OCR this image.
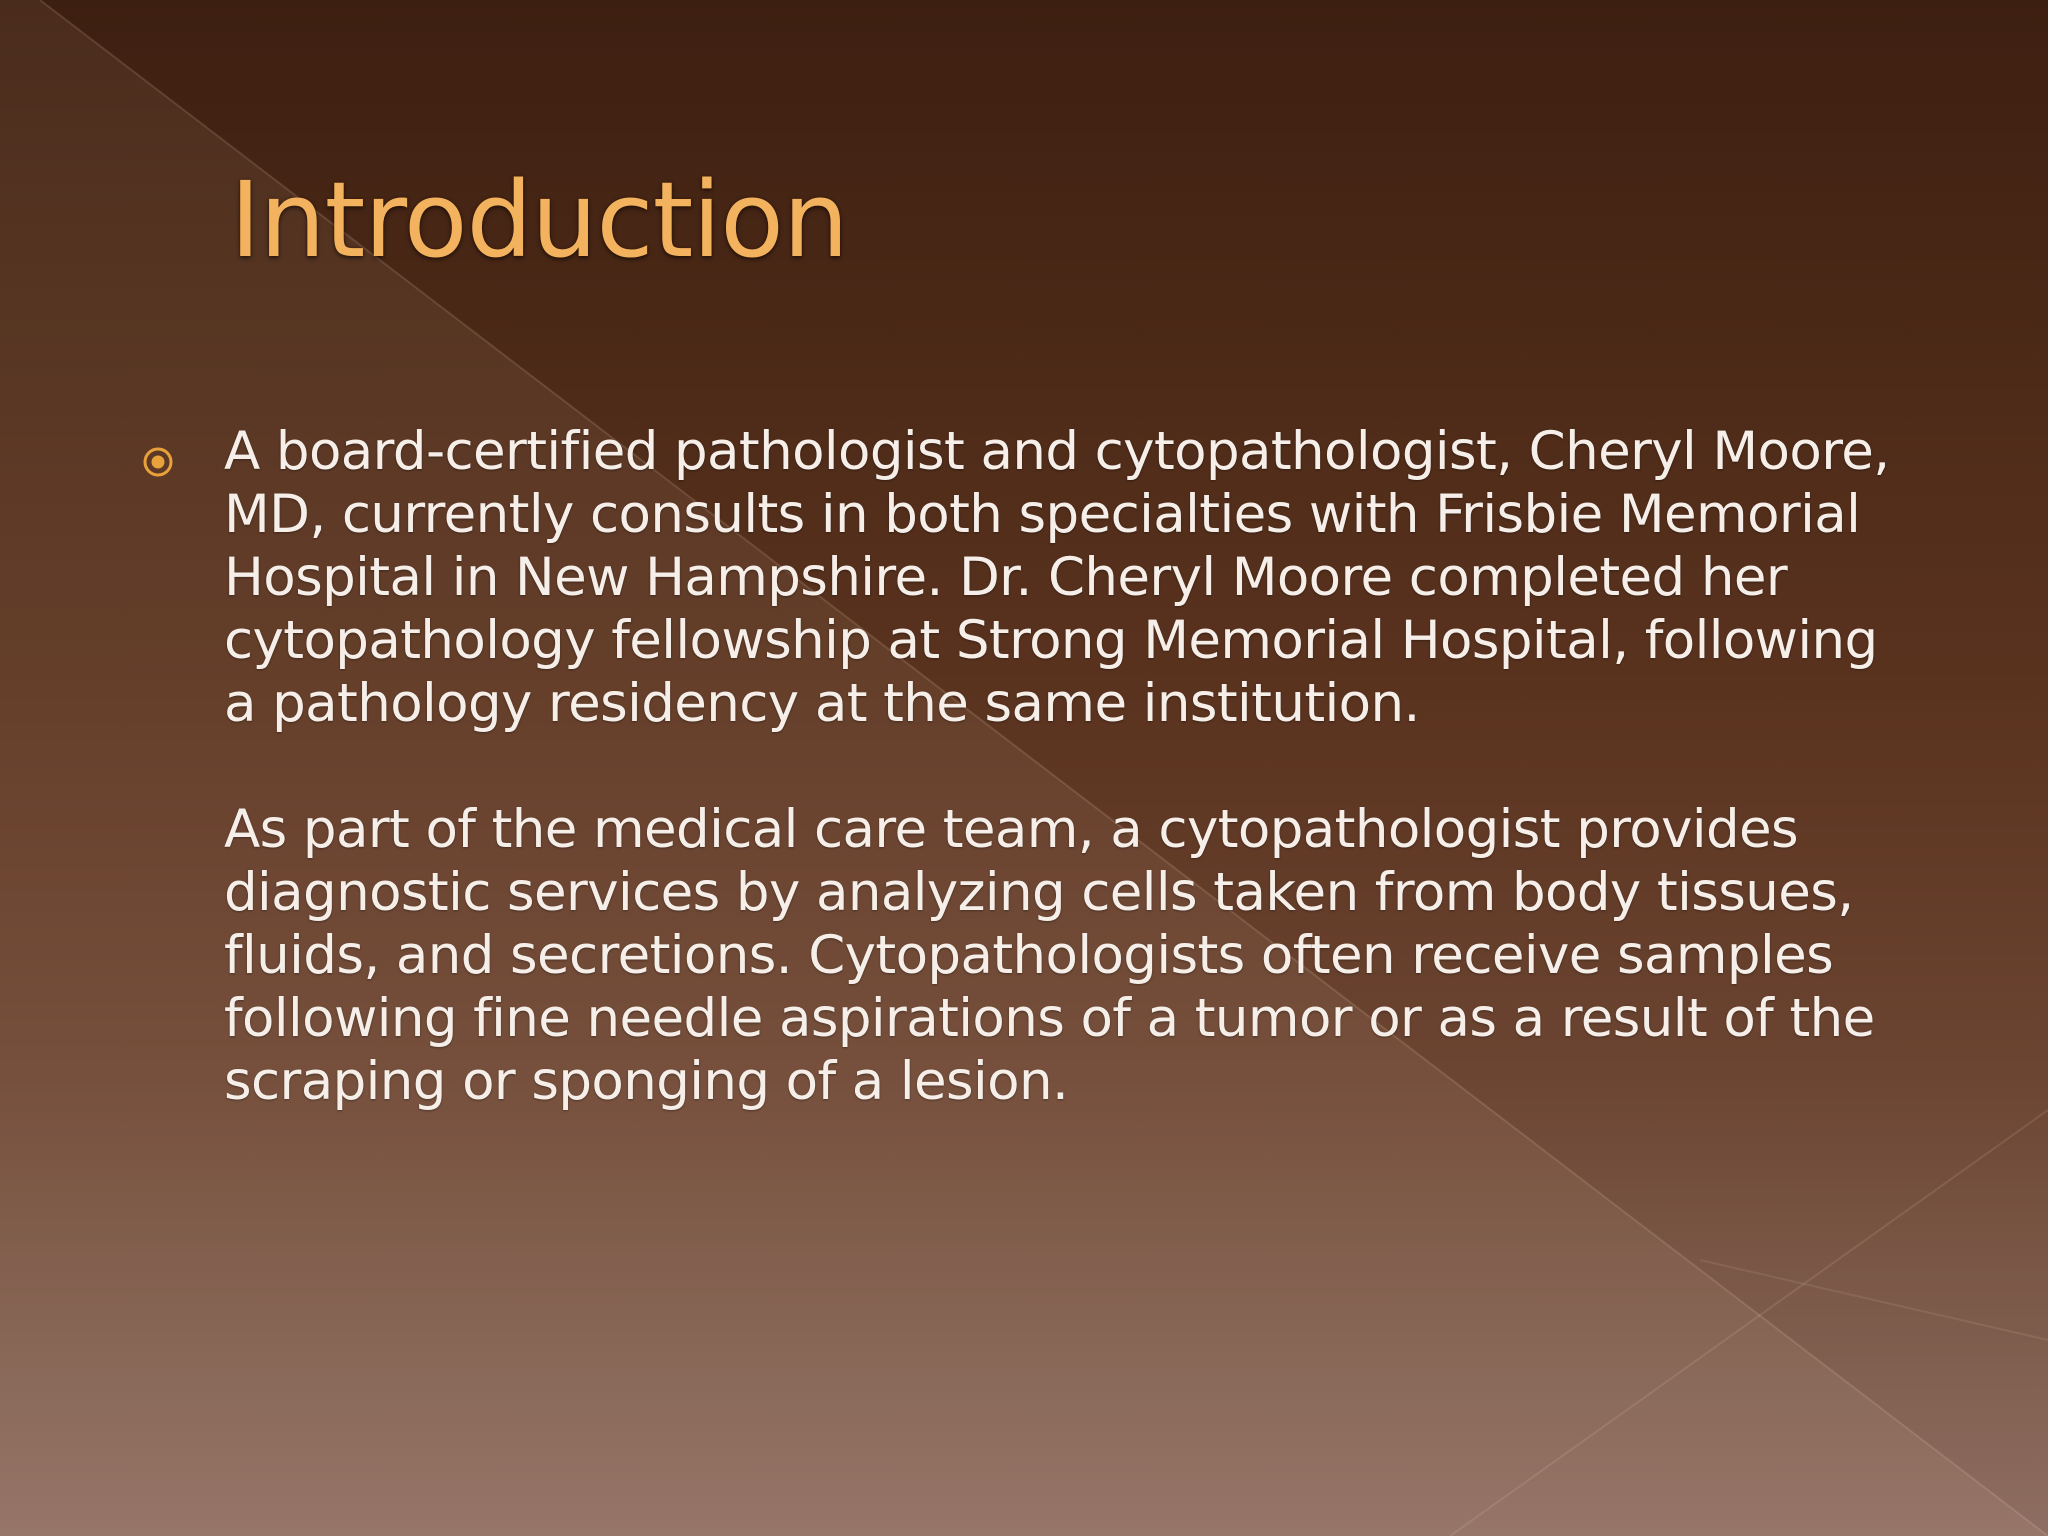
Introduction

A board-certified pathologist and cytopathologist, Cheryl Moore, MD, currently consults in both specialties with Frisbie Memorial Hospital in New Hampshire. Dr. Cheryl Moore completed her cytopathology fellowship at Strong Memorial Hospital, following a pathology residency at the same institution.

As part of the medical care team, a cytopathologist provides diagnostic services by analyzing cells taken from body tissues, fluids, and secretions. Cytopathologists often receive samples following fine needle aspirations of a tumor or as a result of the scraping or sponging of a lesion.
